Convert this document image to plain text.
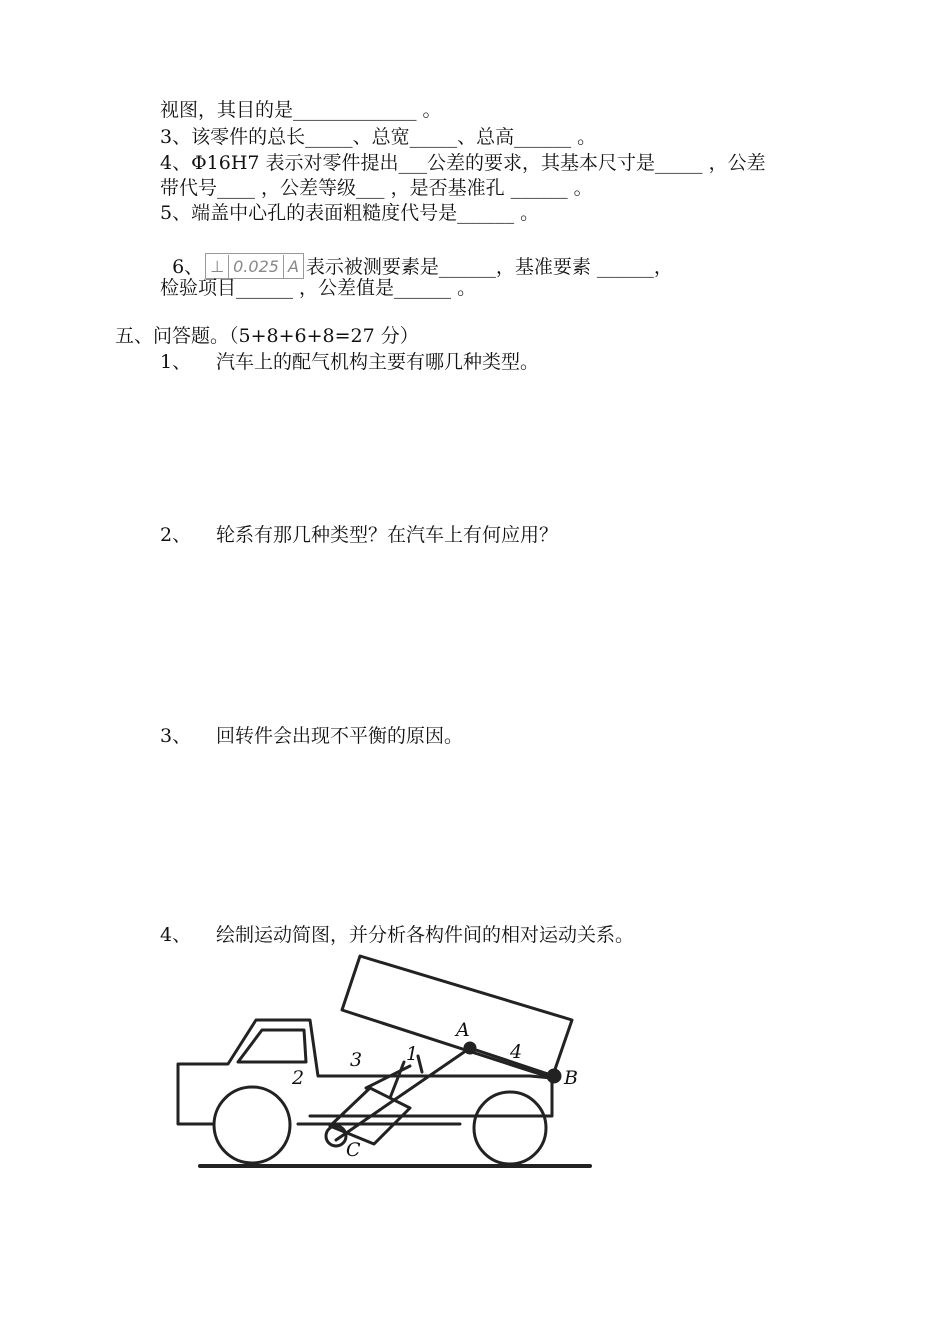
视图，其目的是_____________ 。
3、该零件的总长_____、总宽_____、总高______ 。
4、Φ16H7 表示对零件提出___公差的要求，其基本尺寸是_____ ，公差
带代号____ ，公差等级___ ，是否基准孔 ______ 。
5、端盖中心孔的表面粗糙度代号是______ 。

6、 ⊥ 0.025 A 表示被测要素是______，基准要素 ______，

检验项目______ ，公差值是______ 。
五、问答题。（5+8+6+8=27 分）
1、 汽车上的配气机构主要有哪几种类型。
2、 轮系有那几种类型？在汽车上有何应用？
3、 回转件会出现不平衡的原因。
4、 绘制运动简图，并分析各构件间的相对运动关系。
A
B
C
1
2
3	4
